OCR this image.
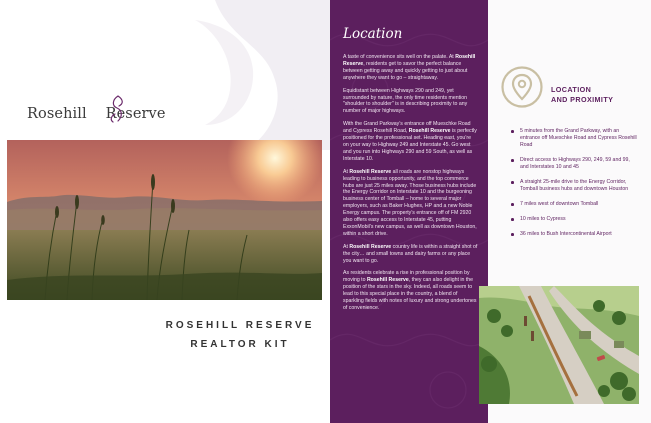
Rosehill Reserve
ROSEHILL RESERVE
REALTOR KIT
Location

A taste of convenience sits well on the palate. At Rosehill Reserve, residents get to savor the perfect balance between getting away and quickly getting to just about anywhere they want to go – straightaway.

Equidistant between Highways 290 and 249, yet surrounded by nature, the only time residents mention "shoulder to shoulder" is in describing proximity to any number of major highways.

With the Grand Parkway’s entrance off Mueschke Road and Cypress Rosehill Road, Rosehill Reserve is perfectly positioned for the professional set. Heading east, you’re on your way to Highway 249 and Interstate 45. Go west and you run into Highways 290 and 59 South, as well as Interstate 10.

At Rosehill Reserve all roads are nonstop highways leading to business opportunity, and the top commerce hubs are just 25 miles away. Those business hubs include the Energy Corridor on Interstate 10 and the burgeoning business center of Tomball – home to several major employers, such as Baker Hughes, HP and a new Noble Energy campus. The property’s entrance off of FM 2920 also offers easy access to Interstate 45, putting ExxonMobil’s new campus, as well as downtown Houston, within a short drive.

At Rosehill Reserve country life is within a straight shot of the city… and small towns and dairy farms or any place you want to go.

As residents celebrate a rise in professional position by moving to Rosehill Reserve, they can also delight in the position of the stars in the sky. Indeed, all roads seem to lead to this special place in the country, a blend of sparkling fields with notes of luxury and strong undertones of convenience.

LOCATION
AND PROXIMITY
5 minutes from the Grand Parkway, with an entrance off Mueschke Road and Cypress Rosehill Road
Direct access to Highways 290, 249, 59 and 99, and Interstates 10 and 45
A straight 25-mile drive to the Energy Corridor, Tomball business hubs and downtown Houston
7 miles west of downtown Tomball
10 miles to Cypress
36 miles to Bush Intercontinental Airport
